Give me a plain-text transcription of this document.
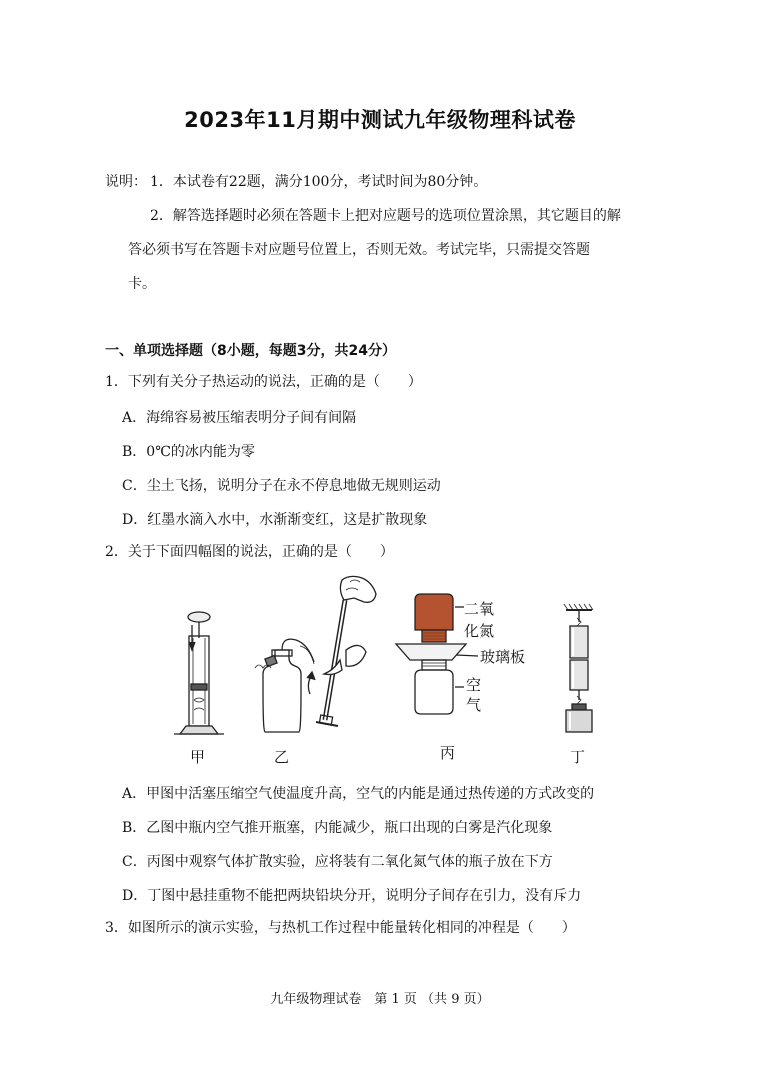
2023年11月期中测试九年级物理科试卷
说明： 1．本试卷有22题，满分100分，考试时间为80分钟。
2．解答选择题时必须在答题卡上把对应题号的选项位置涂黑，其它题目的解
答必须书写在答题卡对应题号位置上，否则无效。考试完毕，只需提交答题
卡。
一、单项选择题（8小题，每题3分，共24分）
1．下列有关分子热运动的说法，正确的是（　　）
A．海绵容易被压缩表明分子间有间隔
B．0℃的冰内能为零
C．尘土飞扬，说明分子在永不停息地做无规则运动
D．红墨水滴入水中，水渐渐变红，这是扩散现象
2．关于下面四幅图的说法，正确的是（　　）
二氧
化氮
玻璃板
空
气
甲	乙	丙	丁
A．甲图中活塞压缩空气使温度升高，空气的内能是通过热传递的方式改变的
B．乙图中瓶内空气推开瓶塞，内能减少，瓶口出现的白雾是汽化现象
C．丙图中观察气体扩散实验，应将装有二氧化氮气体的瓶子放在下方
D．丁图中悬挂重物不能把两块铅块分开，说明分子间存在引力，没有斥力
3．如图所示的演示实验，与热机工作过程中能量转化相同的冲程是（　　）
九年级物理试卷　第 1 页 （共 9 页）
